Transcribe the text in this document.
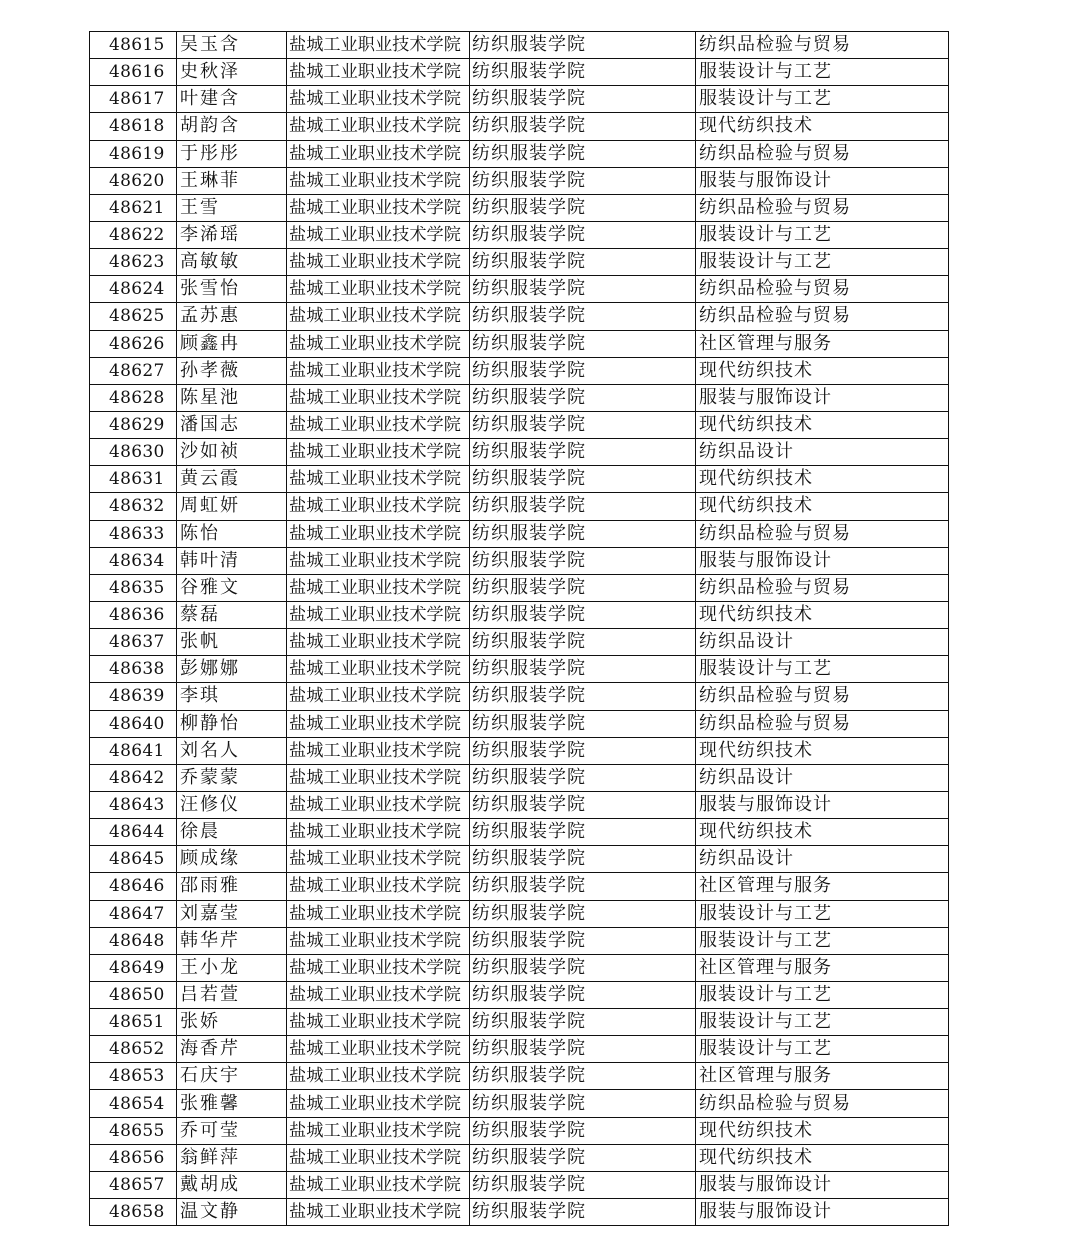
48615	吴玉含	盐城工业职业技术学院	纺织服装学院	纺织品检验与贸易
48616	史秋泽	盐城工业职业技术学院	纺织服装学院	服装设计与工艺
48617	叶建含	盐城工业职业技术学院	纺织服装学院	服装设计与工艺
48618	胡韵含	盐城工业职业技术学院	纺织服装学院	现代纺织技术
48619	于彤彤	盐城工业职业技术学院	纺织服装学院	纺织品检验与贸易
48620	王琳菲	盐城工业职业技术学院	纺织服装学院	服装与服饰设计
48621	王雪	盐城工业职业技术学院	纺织服装学院	纺织品检验与贸易
48622	李浠瑶	盐城工业职业技术学院	纺织服装学院	服装设计与工艺
48623	高敏敏	盐城工业职业技术学院	纺织服装学院	服装设计与工艺
48624	张雪怡	盐城工业职业技术学院	纺织服装学院	纺织品检验与贸易
48625	孟苏惠	盐城工业职业技术学院	纺织服装学院	纺织品检验与贸易
48626	顾鑫冉	盐城工业职业技术学院	纺织服装学院	社区管理与服务
48627	孙孝薇	盐城工业职业技术学院	纺织服装学院	现代纺织技术
48628	陈星池	盐城工业职业技术学院	纺织服装学院	服装与服饰设计
48629	潘国志	盐城工业职业技术学院	纺织服装学院	现代纺织技术
48630	沙如祯	盐城工业职业技术学院	纺织服装学院	纺织品设计
48631	黄云霞	盐城工业职业技术学院	纺织服装学院	现代纺织技术
48632	周虹妍	盐城工业职业技术学院	纺织服装学院	现代纺织技术
48633	陈怡	盐城工业职业技术学院	纺织服装学院	纺织品检验与贸易
48634	韩叶清	盐城工业职业技术学院	纺织服装学院	服装与服饰设计
48635	谷雅文	盐城工业职业技术学院	纺织服装学院	纺织品检验与贸易
48636	蔡磊	盐城工业职业技术学院	纺织服装学院	现代纺织技术
48637	张帆	盐城工业职业技术学院	纺织服装学院	纺织品设计
48638	彭娜娜	盐城工业职业技术学院	纺织服装学院	服装设计与工艺
48639	李琪	盐城工业职业技术学院	纺织服装学院	纺织品检验与贸易
48640	柳静怡	盐城工业职业技术学院	纺织服装学院	纺织品检验与贸易
48641	刘名人	盐城工业职业技术学院	纺织服装学院	现代纺织技术
48642	乔蒙蒙	盐城工业职业技术学院	纺织服装学院	纺织品设计
48643	汪修仪	盐城工业职业技术学院	纺织服装学院	服装与服饰设计
48644	徐晨	盐城工业职业技术学院	纺织服装学院	现代纺织技术
48645	顾成缘	盐城工业职业技术学院	纺织服装学院	纺织品设计
48646	邵雨雅	盐城工业职业技术学院	纺织服装学院	社区管理与服务
48647	刘嘉莹	盐城工业职业技术学院	纺织服装学院	服装设计与工艺
48648	韩华芹	盐城工业职业技术学院	纺织服装学院	服装设计与工艺
48649	王小龙	盐城工业职业技术学院	纺织服装学院	社区管理与服务
48650	吕若萱	盐城工业职业技术学院	纺织服装学院	服装设计与工艺
48651	张娇	盐城工业职业技术学院	纺织服装学院	服装设计与工艺
48652	海香芹	盐城工业职业技术学院	纺织服装学院	服装设计与工艺
48653	石庆宇	盐城工业职业技术学院	纺织服装学院	社区管理与服务
48654	张雅馨	盐城工业职业技术学院	纺织服装学院	纺织品检验与贸易
48655	乔可莹	盐城工业职业技术学院	纺织服装学院	现代纺织技术
48656	翁鲜萍	盐城工业职业技术学院	纺织服装学院	现代纺织技术
48657	戴胡成	盐城工业职业技术学院	纺织服装学院	服装与服饰设计
48658	温文静	盐城工业职业技术学院	纺织服装学院	服装与服饰设计
